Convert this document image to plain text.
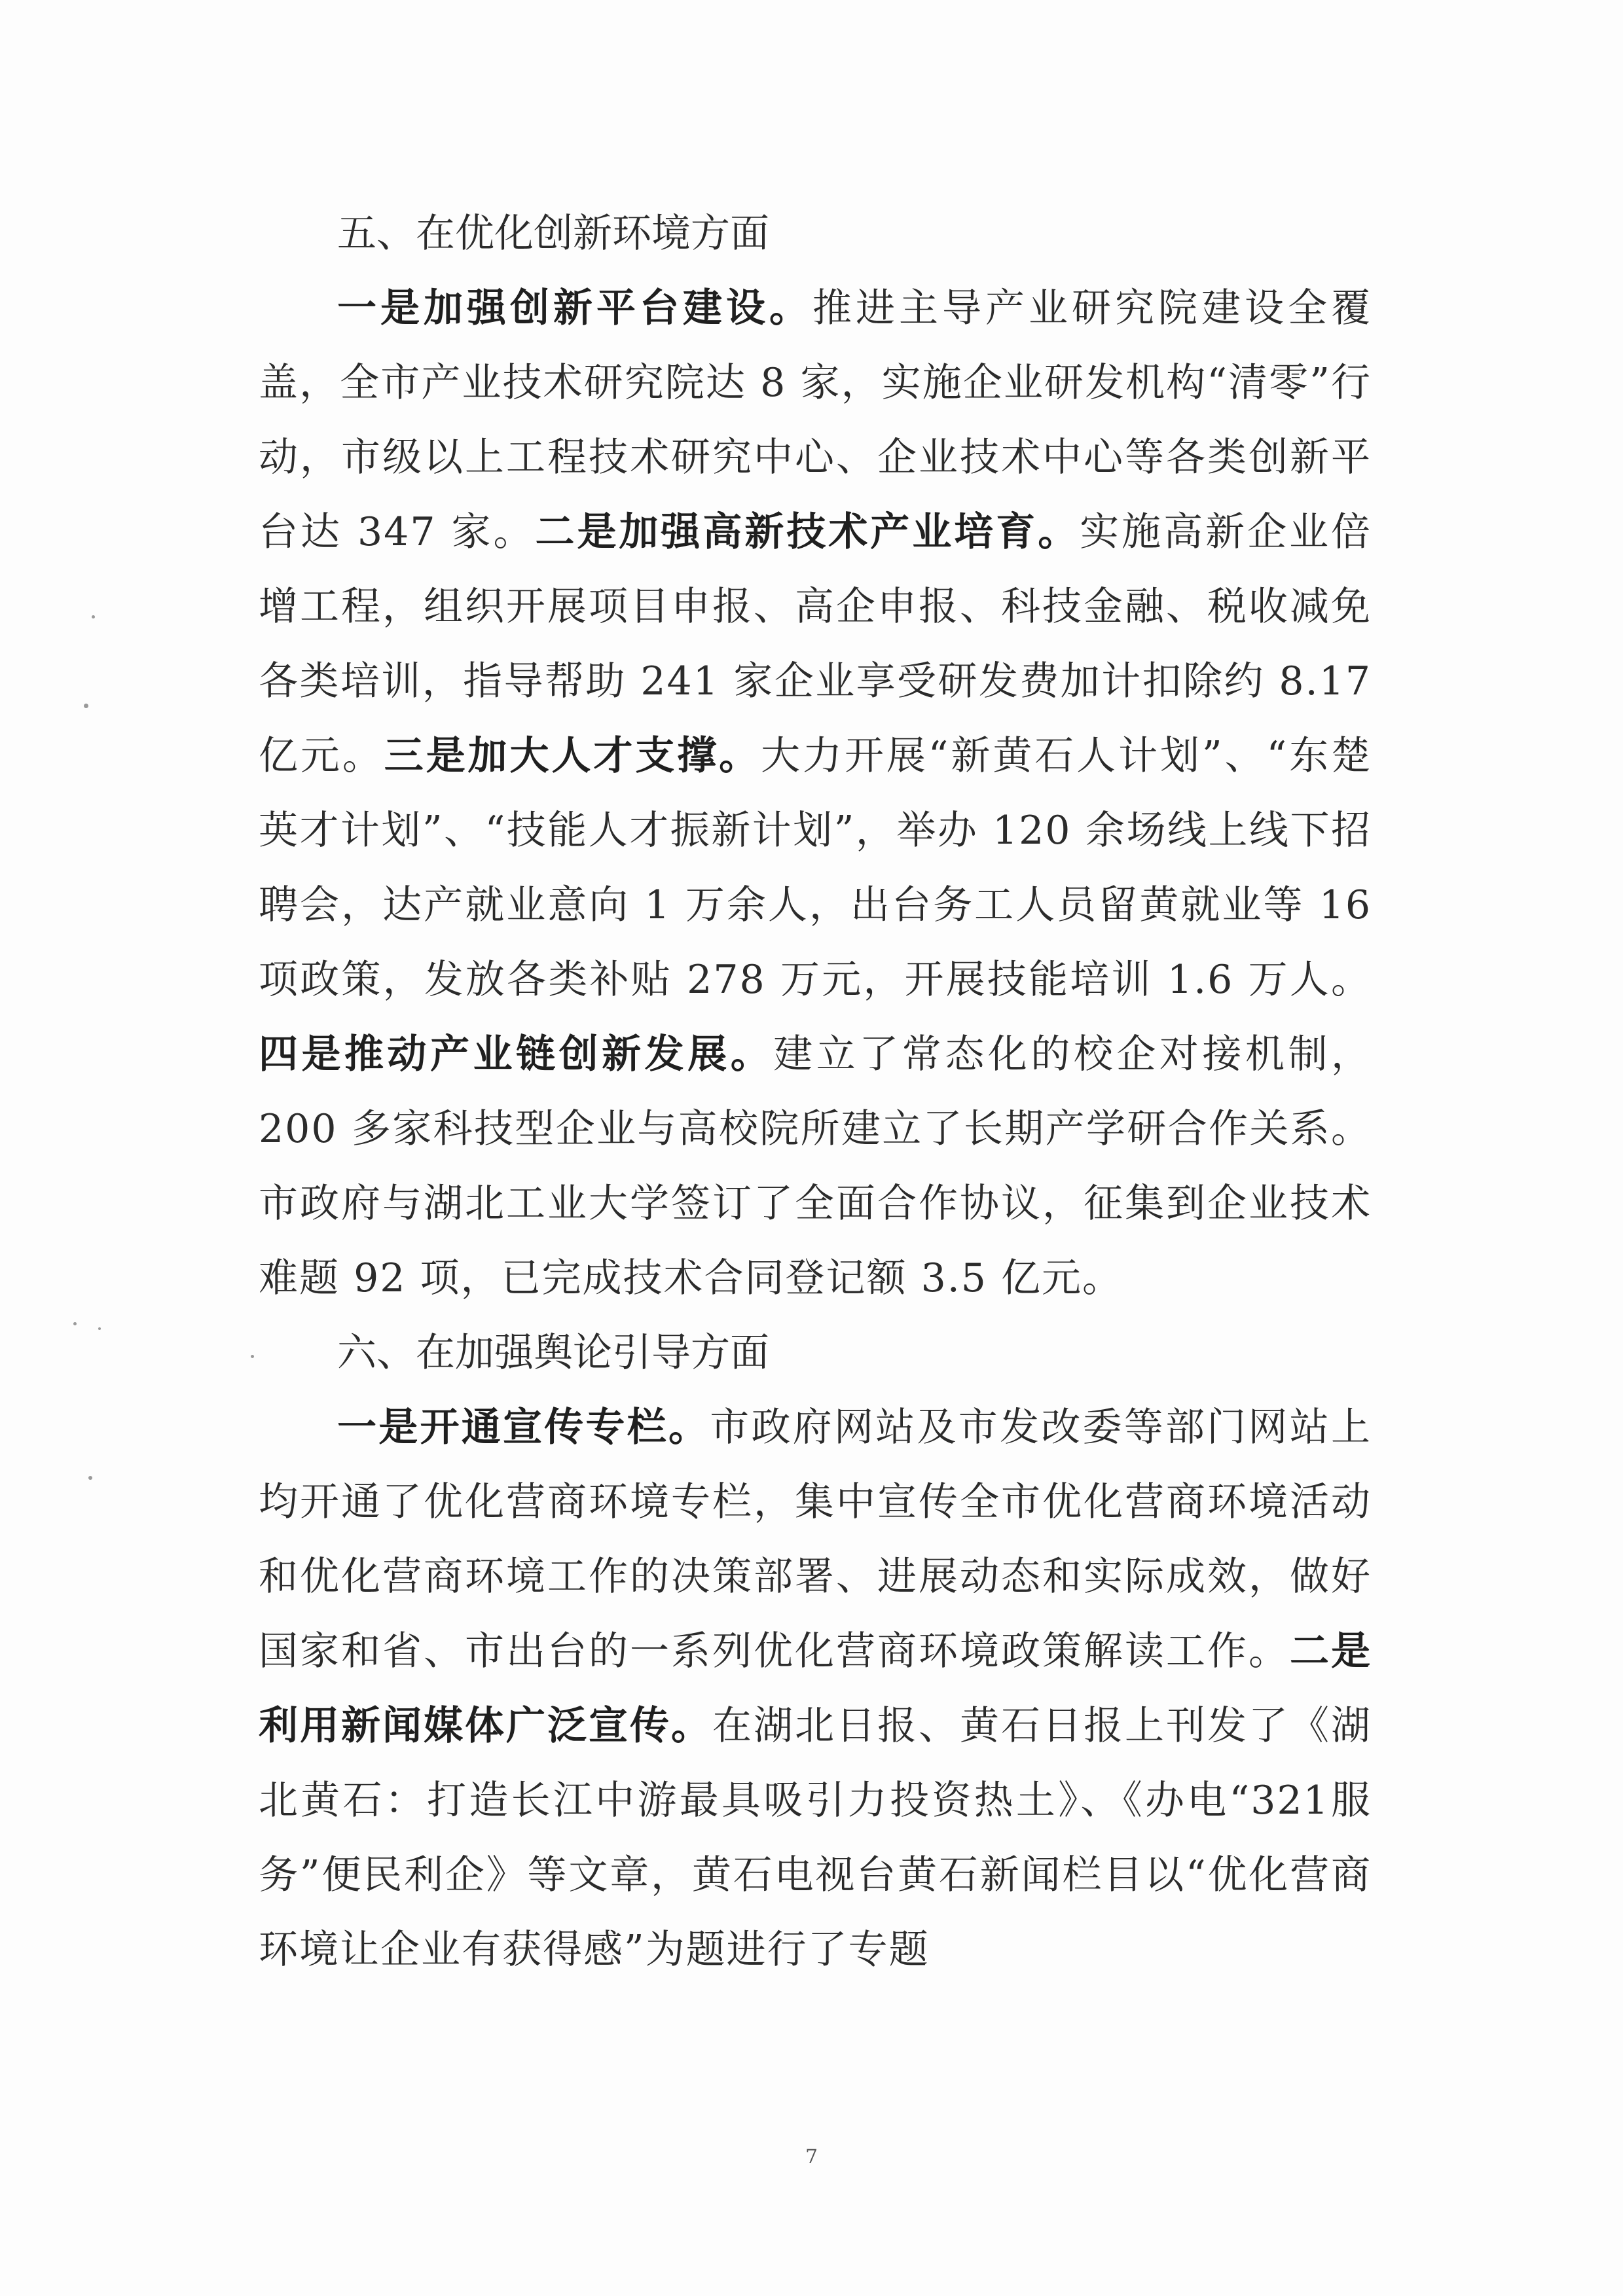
五、在优化创新环境方面

一是加强创新平台建设。推进主导产业研究院建设全覆盖，全市产业技术研究院达 8 家，实施企业研发机构“清零”行动，市级以上工程技术研究中心、企业技术中心等各类创新平台达 347 家。二是加强高新技术产业培育。实施高新企业倍增工程，组织开展项目申报、高企申报、科技金融、税收减免各类培训，指导帮助 241 家企业享受研发费加计扣除约 8.17 亿元。三是加大人才支撑。大力开展“新黄石人计划”、“东楚英才计划”、“技能人才振新计划”，举办 120 余场线上线下招聘会，达产就业意向 1 万余人，出台务工人员留黄就业等 16 项政策，发放各类补贴 278 万元，开展技能培训 1.6 万人。四是推动产业链创新发展。建立了常态化的校企对接机制，200 多家科技型企业与高校院所建立了长期产学研合作关系。市政府与湖北工业大学签订了全面合作协议，征集到企业技术难题 92 项，已完成技术合同登记额 3.5 亿元。

六、在加强舆论引导方面

一是开通宣传专栏。市政府网站及市发改委等部门网站上均开通了优化营商环境专栏，集中宣传全市优化营商环境活动和优化营商环境工作的决策部署、进展动态和实际成效，做好国家和省、市出台的一系列优化营商环境政策解读工作。二是利用新闻媒体广泛宣传。在湖北日报、黄石日报上刊发了《湖北黄石：打造长江中游最具吸引力投资热土》、《办电“321服务”便民利企》等文章，黄石电视台黄石新闻栏目以“优化营商环境让企业有获得感”为题进行了专题

7
